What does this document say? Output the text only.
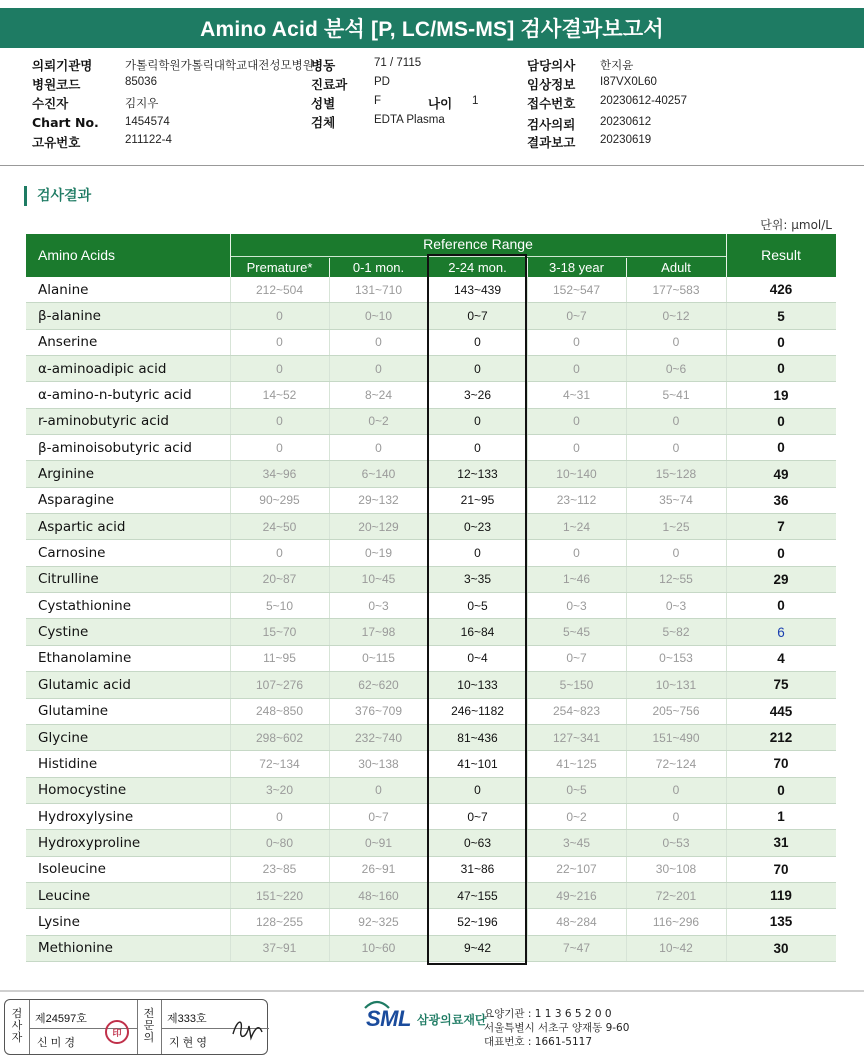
Amino Acid 분석 [P, LC/MS-MS] 검사결과보고서
의뢰기관명	가톨릭학원가톨릭대학교대전성모병원
병원코드	85036
수진자	김지우
Chart No. 1454574
고유번호	211122-4
병동	71 / 7115
진료과 PD
성별	F	나이 1
검체	EDTA Plasma
담당의사 한지윤
임상정보 I87VX0L60
접수번호 20230612-40257
검사의뢰 20230612
결과보고 20230619
검사결과
단위: μmol/L
Amino Acids
Reference Range
Premature*	0-1 mon.	2-24 mon.	3-18 year	Adult
Result
Alanine	212~504	131~710	143~439	152~547	177~583	426
β-alanine	0	0~10	0~7	0~7	0~12	5
Anserine	0	0	0	0	0	0
α-aminoadipic acid	0	0	0	0	0~6	0
α-amino-n-butyric acid	14~52	8~24	3~26	4~31	5~41	19
r-aminobutyric acid	0	0~2	0	0	0	0
β-aminoisobutyric acid	0	0	0	0	0	0
Arginine	34~96	6~140	12~133	10~140	15~128	49
Asparagine	90~295	29~132	21~95	23~112	35~74	36
Aspartic acid	24~50	20~129	0~23	1~24	1~25	7
Carnosine	0	0~19	0	0	0	0
Citrulline	20~87	10~45	3~35	1~46	12~55	29
Cystathionine	5~10	0~3	0~5	0~3	0~3	0
Cystine	15~70	17~98	16~84	5~45	5~82	6
Ethanolamine	11~95	0~115	0~4	0~7	0~153	4
Glutamic acid	107~276	62~620	10~133	5~150	10~131	75
Glutamine	248~850	376~709	246~1182	254~823	205~756	445
Glycine	298~602	232~740	81~436	127~341	151~490	212
Histidine	72~134	30~138	41~101	41~125	72~124	70
Homocystine	3~20	0	0	0~5	0	0
Hydroxylysine	0	0~7	0~7	0~2	0	1
Hydroxyproline	0~80	0~91	0~63	3~45	0~53	31
Isoleucine	23~85	26~91	31~86	22~107	30~108	70
Leucine	151~220	48~160	47~155	49~216	72~201	119
Lysine	128~255	92~325	52~196	48~284	116~296	135
Methionine	37~91	10~60	9~42	7~47	10~42	30
검
사
자
제24597호
신 미 경
印
전
문
의
제333호
지 현 영
SML 삼광의료재단
요양기관 : 1 1 3 6 5 2 0 0
서울특별시 서초구 양재동 9-60
대표번호 : 1661-5117
